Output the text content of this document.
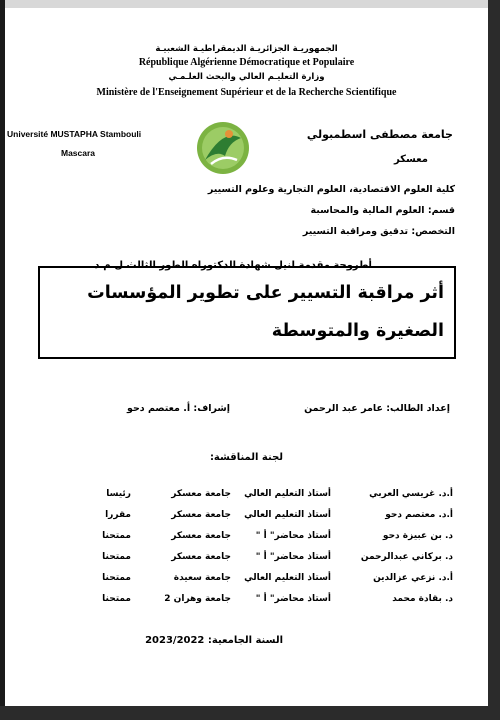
الجمهوريـة الجزائريـة الديمقراطيـة الشعبيـة
République Algérienne Démocratique et Populaire
وزارة التعليـم العالي والبحث العلـمـي
Ministère de l'Enseignement Supérieur et de la Recherche Scientifique
Université MUSTAPHA Stambouli
Mascara
جامعة مصطفى اسطمبولي
معسكر
كلية العلوم الاقتصادية، العلوم التجارية وعلوم التسيير
قسم: العلوم المالية والمحاسبة
التخصص: تدقيق ومراقبة التسيير
أطروحة مقدمة لنيل شهادة الدكتوراه الطور الثالث ل.م.د
أثر مراقبة التسيير على تطوير المؤسسات الصغيرة والمتوسطة
إعداد الطالب: عامر عبد الرحمن
إشراف: أ. معتصم دحو
لجنة المناقشة:
أ.د. غريسي العربي
أستاذ التعليم العالي
جامعة معسكر
رئيسا
أ.د. معتصم دحو
أستاذ التعليم العالي
جامعة معسكر
مقررا
د. بن عبيزة دحو
أستاذ محاضر" أ "
جامعة معسكر
ممتحنا
د. بركاني عبدالرحمن
أستاذ محاضر" أ "
جامعة معسكر
ممتحنا
أ.د. نزعي عزالدين
أستاذ التعليم العالي
جامعة سعيدة
ممتحنا
د. بقادة محمد
أستاذ محاضر" أ "
جامعة وهران 2
ممتحنا
السنة الجامعية: 2023/2022
